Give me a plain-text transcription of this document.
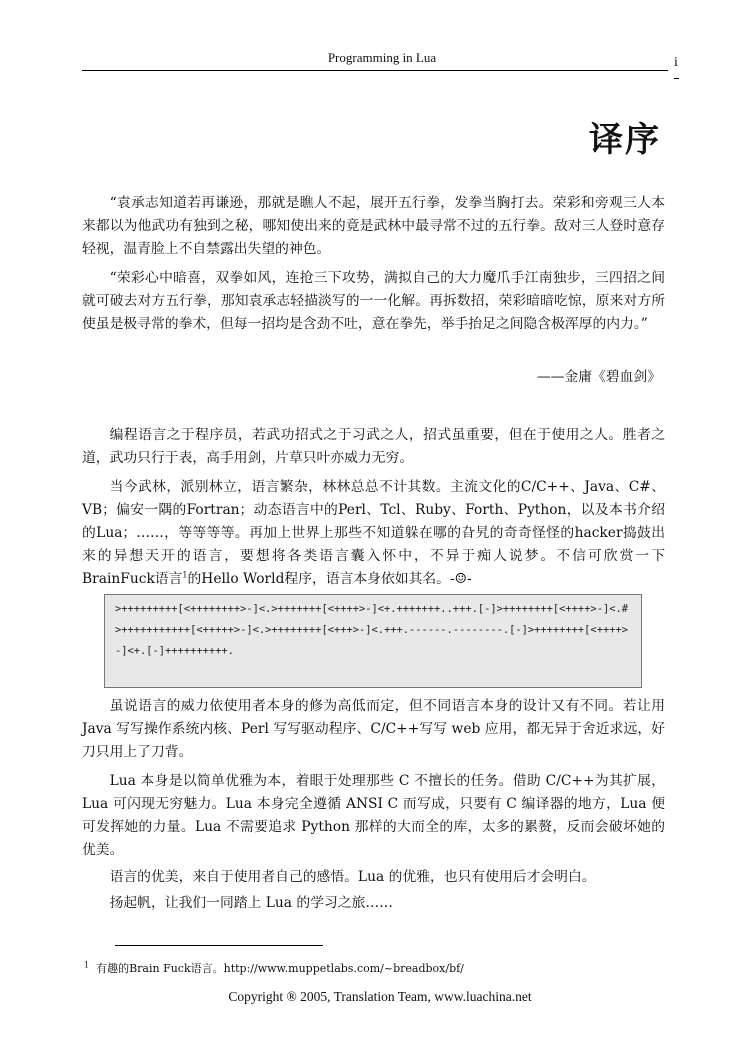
Programming in Lua	i
译序

“袁承志知道若再谦逊，那就是瞧人不起，展开五行拳，发拳当胸打去。荣彩和旁观三人本来都以为他武功有独到之秘，哪知使出来的竟是武林中最寻常不过的五行拳。敌对三人登时意存轻视，温青脸上不自禁露出失望的神色。

“荣彩心中暗喜，双拳如风，连抢三下攻势，满拟自己的大力魔爪手江南独步，三四招之间就可破去对方五行拳，那知袁承志轻描淡写的一一化解。再拆数招，荣彩暗暗吃惊，原来对方所使虽是极寻常的拳术，但每一招均是含劲不吐，意在拳先，举手抬足之间隐含极浑厚的内力。”

——金庸《碧血剑》

编程语言之于程序员，若武功招式之于习武之人，招式虽重要，但在于使用之人。胜者之道，武功只行于表，高手用剑，片草只叶亦威力无穷。

当今武林，派别林立，语言繁杂，林林总总不计其数。主流文化的C/C++、Java、C#、VB；偏安一隅的Fortran；动态语言中的Perl、Tcl、Ruby、Forth、Python，以及本书介绍的Lua；……，等等等等。再加上世界上那些不知道躲在哪的旮旯的奇奇怪怪的hacker捣鼓出来的异想天开的语言，要想将各类语言囊入怀中，不异于痴人说梦。不信可欣赏一下BrainFuck语言$^1$的Hello World程序，语言本身依如其名。-☺-

>+++++++++[<++++++++>-]<.>+++++++[<++++>-]<+.+++++++..+++.[-]>++++++++[<++++>-]<.#>+++++++++++[<+++++>-]<.>++++++++[<+++>-]<.+++.------.--------.[-]>++++++++[<++++>-]<+.[-]++++++++++.

虽说语言的威力依使用者本身的修为高低而定，但不同语言本身的设计又有不同。若让用 Java 写写操作系统内核、Perl 写写驱动程序、C/C++写写 web 应用，都无异于舍近求远，好刀只用上了刀背。

Lua 本身是以简单优雅为本，着眼于处理那些 C 不擅长的任务。借助 C/C++为其扩展，Lua 可闪现无穷魅力。Lua 本身完全遵循 ANSI C 而写成，只要有 C 编译器的地方，Lua 便可发挥她的力量。Lua 不需要追求 Python 那样的大而全的库，太多的累赘，反而会破坏她的优美。

语言的优美，来自于使用者自己的感悟。Lua 的优雅，也只有使用后才会明白。

扬起帆，让我们一同踏上 Lua 的学习之旅……

$^1$ 有趣的Brain Fuck语言。http://www.muppetlabs.com/~breadbox/bf/
Copyright ® 2005, Translation Team, www.luachina.net
